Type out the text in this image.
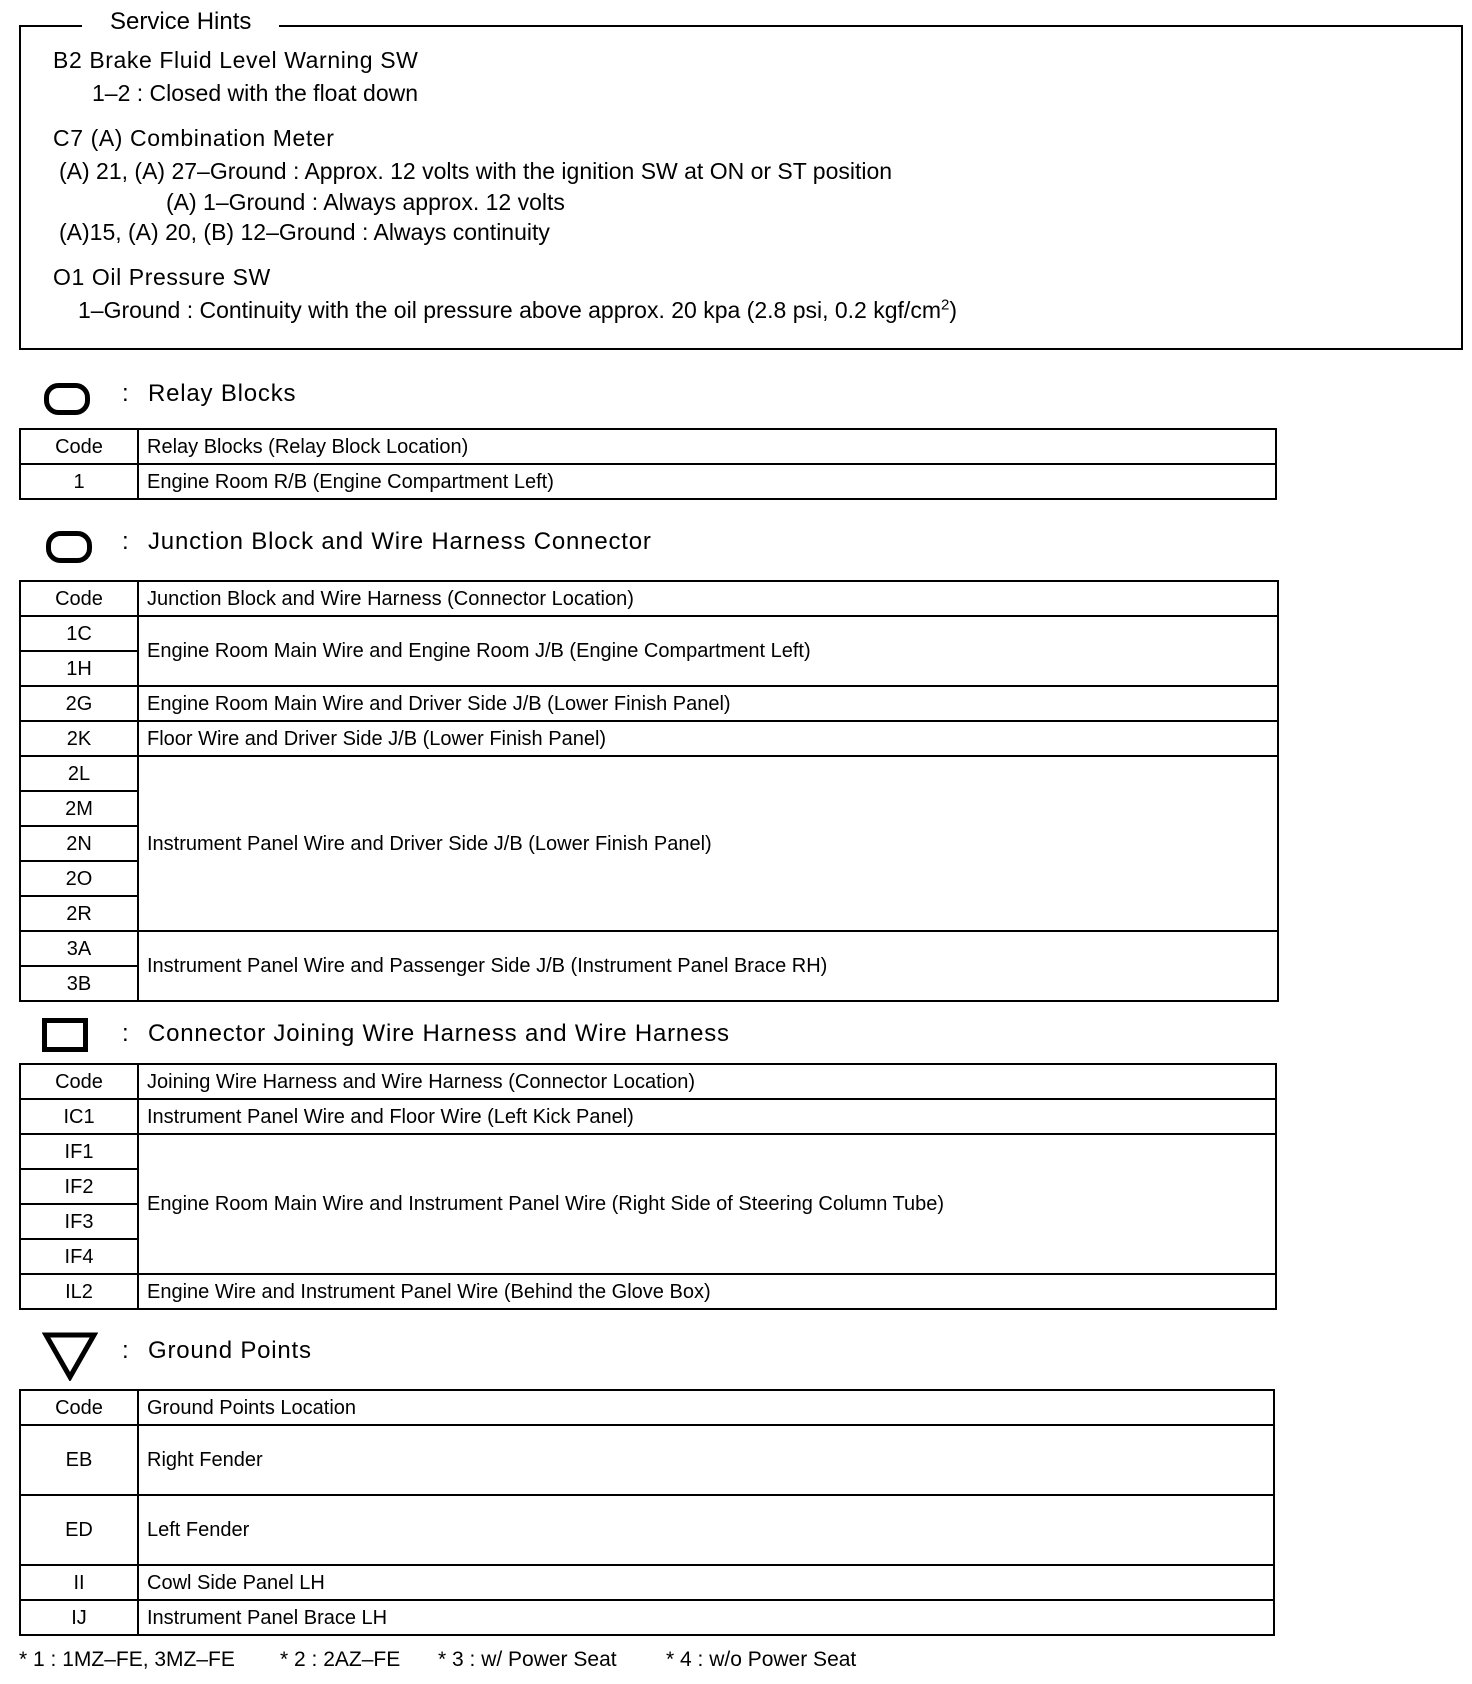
Service Hints
B2 Brake Fluid Level Warning SW
1–2 : Closed with the float down
C7 (A) Combination Meter
(A) 21, (A) 27–Ground : Approx. 12 volts with the ignition SW at ON or ST position
(A) 1–Ground : Always approx. 12 volts
(A)15, (A) 20, (B) 12–Ground : Always continuity
O1 Oil Pressure SW
1–Ground : Continuity with the oil pressure above approx. 20 kpa (2.8 psi, 0.2 kgf/$cm^2$)
: Relay Blocks
Code	Relay Blocks (Relay Block Location)
1	Engine Room R/B (Engine Compartment Left)
: Junction Block and Wire Harness Connector
Code	Junction Block and Wire Harness (Connector Location)
1C	Engine Room Main Wire and Engine Room J/B (Engine Compartment Left)
1H	
2G	Engine Room Main Wire and Driver Side J/B (Lower Finish Panel)
2K	Floor Wire and Driver Side J/B (Lower Finish Panel)
2L	Instrument Panel Wire and Driver Side J/B (Lower Finish Panel)
2M	
2N	
2O	
2R	
3A	Instrument Panel Wire and Passenger Side J/B (Instrument Panel Brace RH)
3B	
: Connector Joining Wire Harness and Wire Harness
Code	Joining Wire Harness and Wire Harness (Connector Location)
IC1	Instrument Panel Wire and Floor Wire (Left Kick Panel)
IF1	Engine Room Main Wire and Instrument Panel Wire (Right Side of Steering Column Tube)
IF2	
IF3	
IF4	
IL2	Engine Wire and Instrument Panel Wire (Behind the Glove Box)
: Ground Points
Code	Ground Points Location
EB	Right Fender
ED	Left Fender
II	Cowl Side Panel LH
IJ	Instrument Panel Brace LH
* 1 : 1MZ–FE, 3MZ–FE * 2 : 2AZ–FE * 3 : w/ Power Seat * 4 : w/o Power Seat
